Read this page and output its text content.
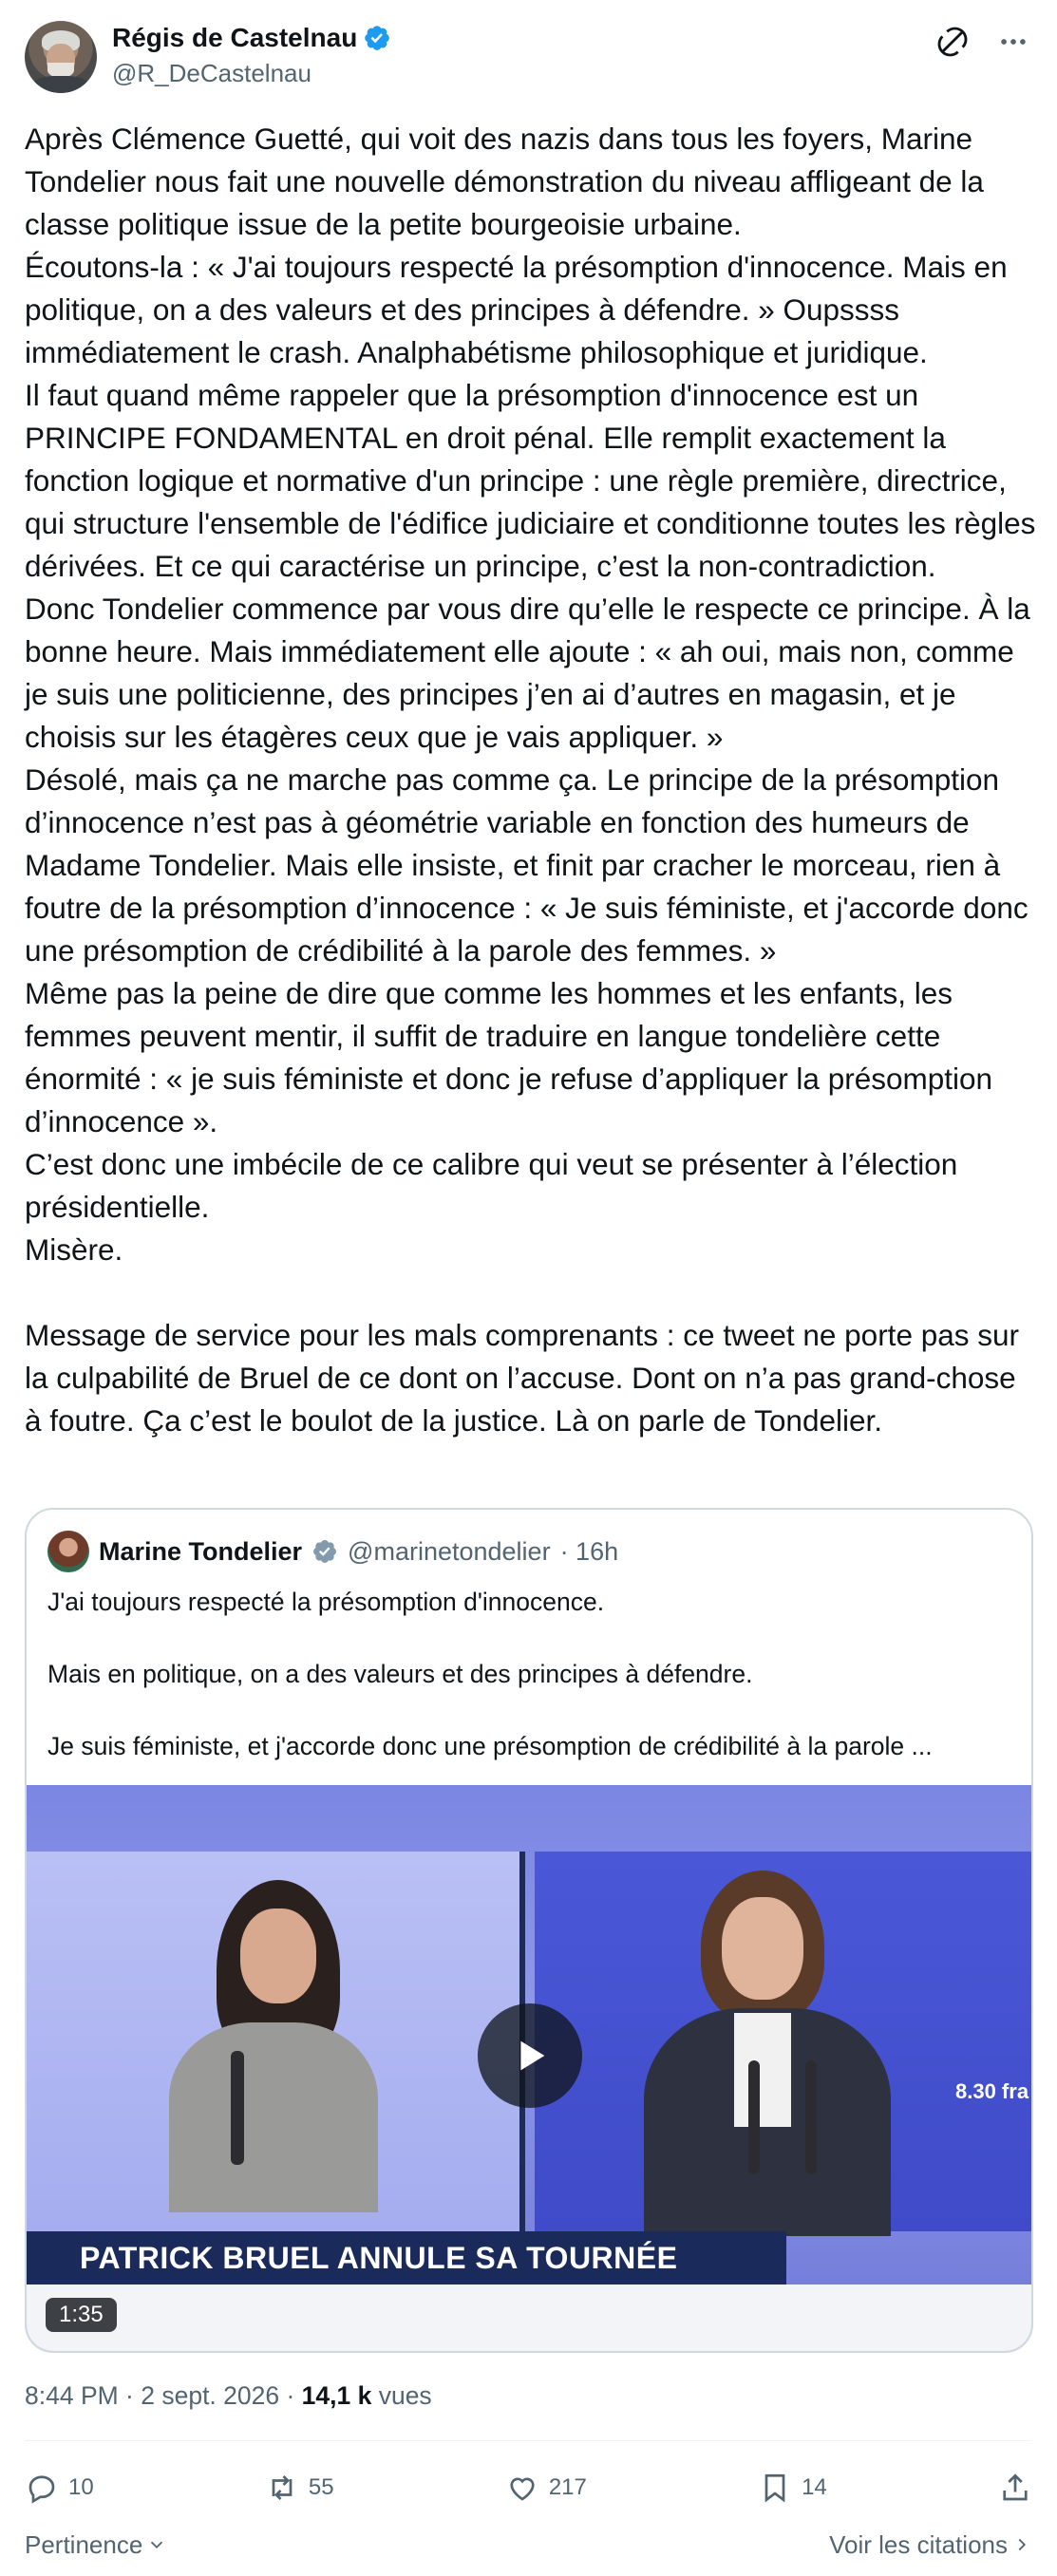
Régis de Castelnau
@R_DeCastelnau

Après Clémence Guetté, qui voit des nazis dans tous les foyers, Marine Tondelier nous fait une nouvelle démonstration du niveau affligeant de la classe politique issue de la petite bourgeoisie urbaine.

Écoutons-la : « J'ai toujours respecté la présomption d'innocence. Mais en politique, on a des valeurs et des principes à défendre. » Oupssss immédiatement le crash. Analphabétisme philosophique et juridique.

Il faut quand même rappeler que la présomption d'innocence est un PRINCIPE FONDAMENTAL en droit pénal. Elle remplit exactement la fonction logique et normative d'un principe : une règle première, directrice, qui structure l'ensemble de l'édifice judiciaire et conditionne toutes les règles dérivées. Et ce qui caractérise un principe, c’est la non-contradiction.

Donc Tondelier commence par vous dire qu’elle le respecte ce principe. À la bonne heure. Mais immédiatement elle ajoute : « ah oui, mais non, comme je suis une politicienne, des principes j’en ai d’autres en magasin, et je choisis sur les étagères ceux que je vais appliquer. »

Désolé, mais ça ne marche pas comme ça. Le principe de la présomption d’innocence n’est pas à géométrie variable en fonction des humeurs de Madame Tondelier. Mais elle insiste, et finit par cracher le morceau, rien à foutre de la présomption d’innocence : « Je suis féministe, et j'accorde donc une présomption de crédibilité à la parole des femmes. »

Même pas la peine de dire que comme les hommes et les enfants, les femmes peuvent mentir, il suffit de traduire en langue tondelière cette énormité : « je suis féministe et donc je refuse d’appliquer la présomption d’innocence ».

C’est donc une imbécile de ce calibre qui veut se présenter à l’élection présidentielle.

Misère.

Message de service pour les mals comprenants : ce tweet ne porte pas sur la culpabilité de Bruel de ce dont on l’accuse. Dont on n’a pas grand-chose à foutre. Ça c’est le boulot de la justice. Là on parle de Tondelier.

Marine Tondelier @marinetondelier · 16h
J'ai toujours respecté la présomption d'innocence.
Mais en politique, on a des valeurs et des principes à défendre.
Je suis féministe, et j'accorde donc une présomption de crédibilité à la parole ...
8.30 fra
PATRICK BRUEL ANNULE SA TOURNÉE
1:35
8:44 PM · 2 sept. 2026 · 14,1 k vues
10	55	217	14
Pertinence	Voir les citations
